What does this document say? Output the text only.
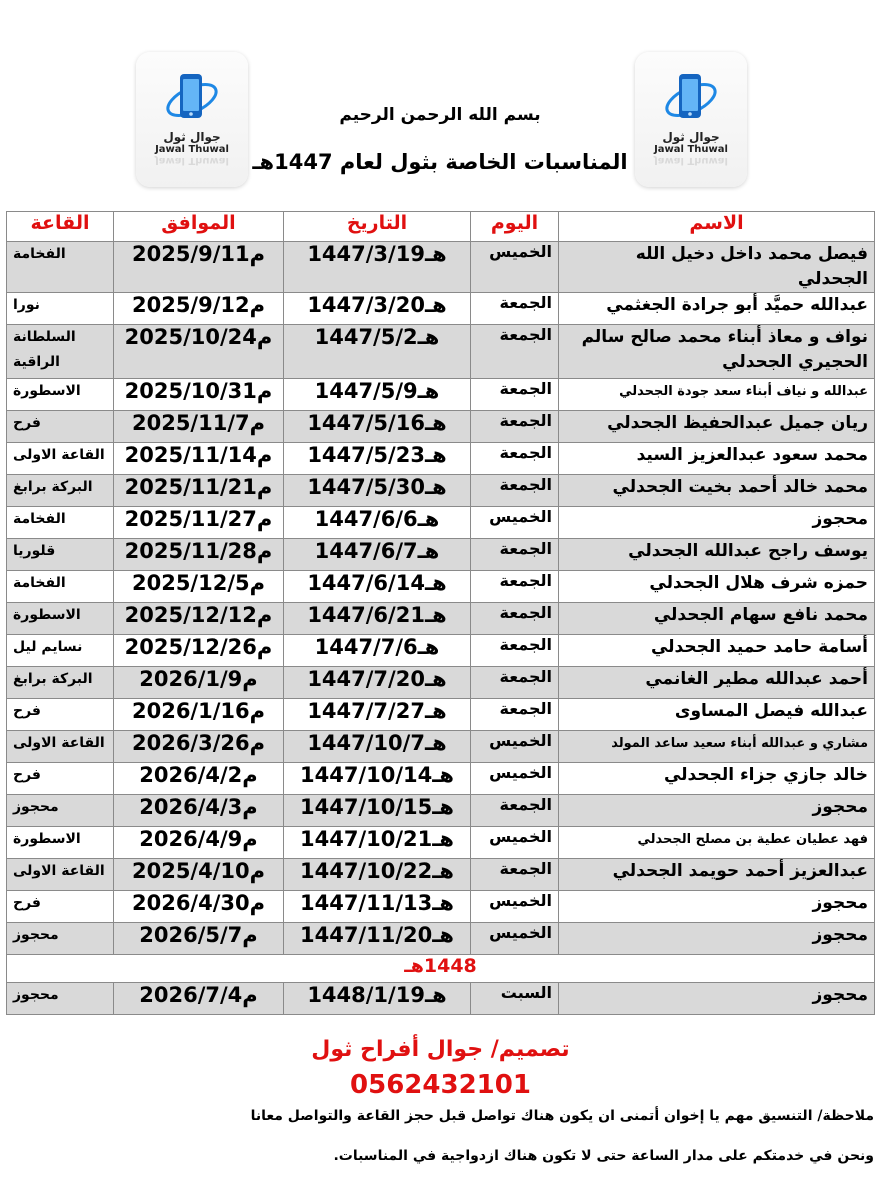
جوال ثول
Jawal Thuwal
Jawal Thuwal
جوال ثول
Jawal Thuwal
Jawal Thuwal
بسم الله الرحمن الرحيم
المناسبات الخاصة بثول لعام 1447هـ
الاسم	اليوم	التاريخ	الموافق	القاعة
فيصل محمد داخل دخيل الله الجحدلي	الخميس	1447/3/19هـ	2025/9/11م	الفخامة
عبدالله حميَّد أبو جرادة الجغثمي	الجمعة	1447/3/20هـ	2025/9/12م	نورا
نواف و معاذ أبناء محمد صالح سالم الحجيري الجحدلي	الجمعة	1447/5/2هـ	2025/10/24م	السلطانة الراقية
عبدالله و نياف أبناء سعد جودة الجحدلي	الجمعة	1447/5/9هـ	2025/10/31م	الاسطورة
ريان جميل عبدالحفيظ الجحدلي	الجمعة	1447/5/16هـ	2025/11/7م	فرح
محمد سعود عبدالعزيز السيد	الجمعة	1447/5/23هـ	2025/11/14م	القاعة الاولى
محمد خالد أحمد بخيت الجحدلي	الجمعة	1447/5/30هـ	2025/11/21م	البركة برابغ
محجوز	الخميس	1447/6/6هـ	2025/11/27م	الفخامة
يوسف راجح عبدالله الجحدلي	الجمعة	1447/6/7هـ	2025/11/28م	قلوريا
حمزه شرف هلال الجحدلي	الجمعة	1447/6/14هـ	2025/12/5م	الفخامة
محمد نافع سهام الجحدلي	الجمعة	1447/6/21هـ	2025/12/12م	الاسطورة
أسامة حامد حميد الجحدلي	الجمعة	1447/7/6هـ	2025/12/26م	نسايم ليل
أحمد عبدالله مطير الغانمي	الجمعة	1447/7/20هـ	2026/1/9م	البركة برابغ
عبدالله فيصل المساوى	الجمعة	1447/7/27هـ	2026/1/16م	فرح
مشاري و عبدالله أبناء سعيد ساعد المولد	الخميس	1447/10/7هـ	2026/3/26م	القاعة الاولى
خالد جازي جزاء الجحدلي	الخميس	1447/10/14هـ	2026/4/2م	فرح
محجوز	الجمعة	1447/10/15هـ	2026/4/3م	محجوز
فهد عطيان عطية بن مصلح الجحدلي	الخميس	1447/10/21هـ	2026/4/9م	الاسطورة
عبدالعزيز أحمد حويمد الجحدلي	الجمعة	1447/10/22هـ	2025/4/10م	القاعة الاولى
محجوز	الخميس	1447/11/13هـ	2026/4/30م	فرح
محجوز	الخميس	1447/11/20هـ	2026/5/7م	محجوز
1448هـ				
محجوز	السبت	1448/1/19هـ	2026/7/4م	محجوز
تصميم/ جوال أفراح ثول
0562432101
ملاحظة/ التنسيق مهم يا إخوان أتمنى ان يكون هناك تواصل قبل حجز القاعة والتواصل معانا
ونحن في خدمتكم على مدار الساعة حتى لا تكون هناك ازدواجية في المناسبات.
